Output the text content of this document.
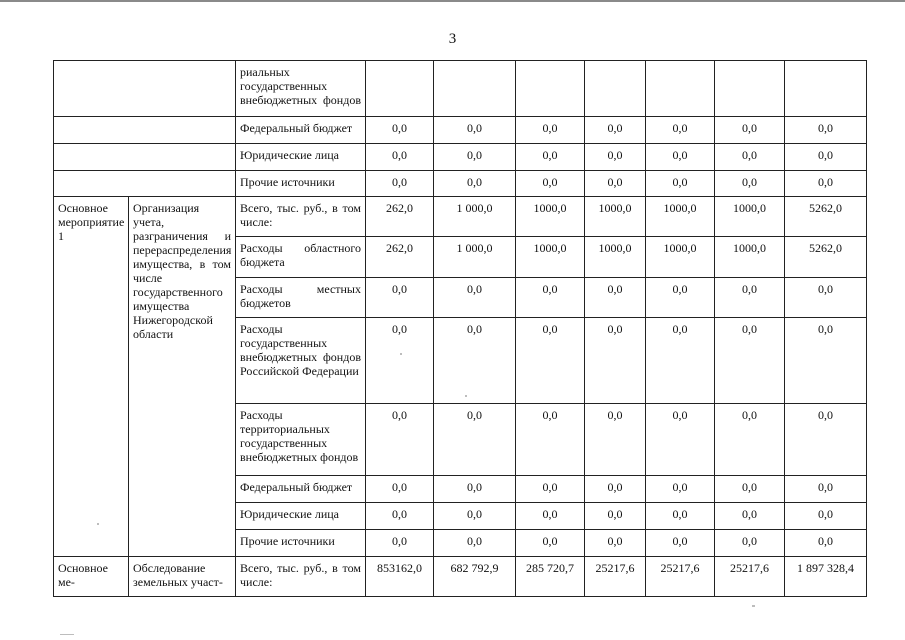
3
		риальных государственных внебюджетных фондов							
		Федеральный бюджет	0,0	0,0	0,0	0,0	0,0	0,0	0,0
		Юридические лица	0,0	0,0	0,0	0,0	0,0	0,0	0,0
		Прочие источники	0,0	0,0	0,0	0,0	0,0	0,0	0,0
Основное мероприятие 1	Организация учета, разграничения и перераспределения имущества, в том числе государственного имущества Нижегородской области	Всего, тыс. руб., в том числе:	262,0	1 000,0	1000,0	1000,0	1000,0	1000,0	5262,0
		Расходы областного бюджета	262,0	1 000,0	1000,0	1000,0	1000,0	1000,0	5262,0
		Расходы местных бюджетов	0,0	0,0	0,0	0,0	0,0	0,0	0,0
		Расходы государственных внебюджетных фондов Российской Федерации	0,0	0,0	0,0	0,0	0,0	0,0	0,0
		Расходы территориальных государственных внебюджетных фондов	0,0	0,0	0,0	0,0	0,0	0,0	0,0
		Федеральный бюджет	0,0	0,0	0,0	0,0	0,0	0,0	0,0
		Юридические лица	0,0	0,0	0,0	0,0	0,0	0,0	0,0
		Прочие источники	0,0	0,0	0,0	0,0	0,0	0,0	0,0
Основное ме-	Обследование земельных участ-	Всего, тыс. руб., в том числе:	853162,0	682 792,9	285 720,7	25217,6	25217,6	25217,6	1 897 328,4
